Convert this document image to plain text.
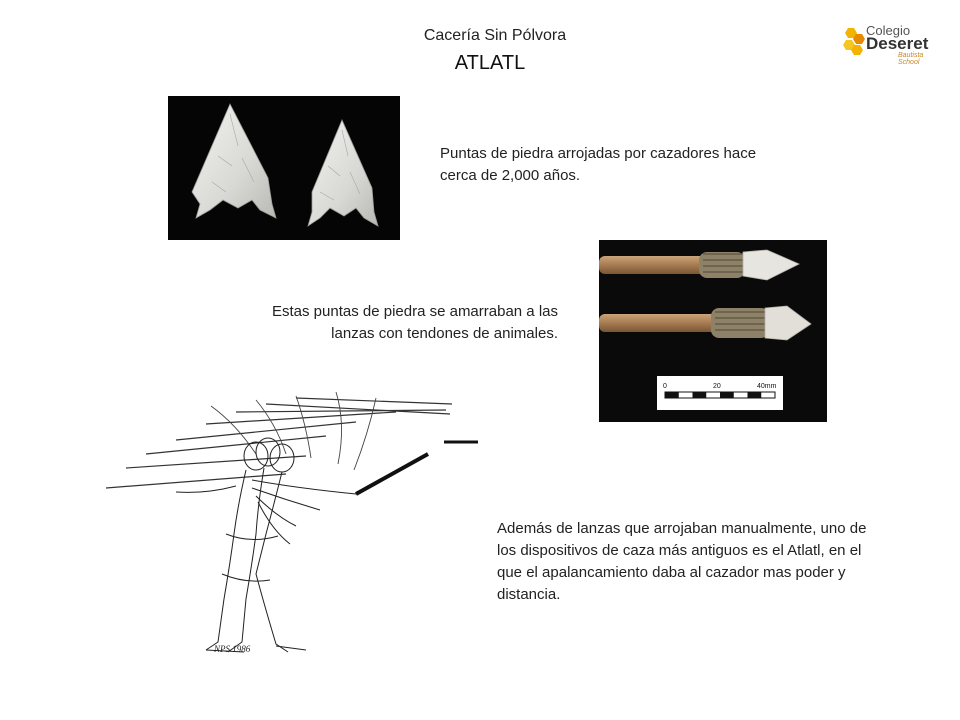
Cacería Sin Pólvora
ATLATL
Colegio
Deseret
Bautista School
Puntas de piedra arrojadas por cazadores hace cerca de 2,000 años.
0	20	40mm
Estas puntas de piedra se amarraban a las lanzas con tendones de animales.
NPS 1986
Además de lanzas que arrojaban manualmente, uno de los dispositivos de caza más antiguos es el Atlatl, en el que el apalancamiento daba al cazador mas poder y distancia.
